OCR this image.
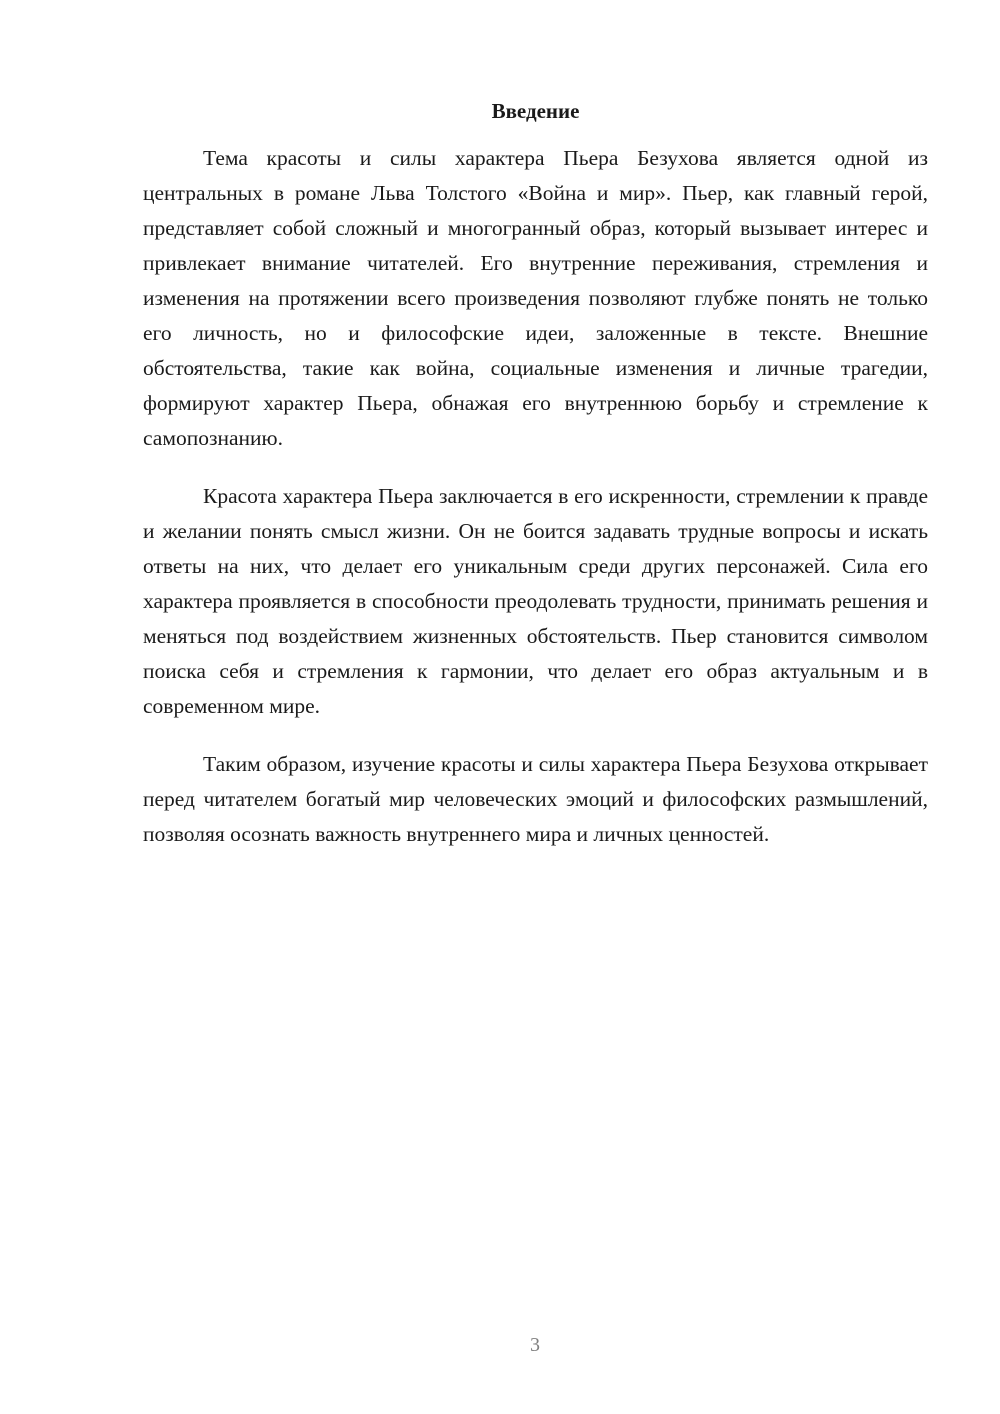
Введение

Тема красоты и силы характера Пьера Безухова является одной из центральных в романе Льва Толстого «Война и мир». Пьер, как главный герой, представляет собой сложный и многогранный образ, который вызывает интерес и привлекает внимание читателей. Его внутренние переживания, стремления и изменения на протяжении всего произведения позволяют глубже понять не только его личность, но и философские идеи, заложенные в тексте. Внешние обстоятельства, такие как война, социальные изменения и личные трагедии, формируют характер Пьера, обнажая его внутреннюю борьбу и стремление к самопознанию.

Красота характера Пьера заключается в его искренности, стремлении к правде и желании понять смысл жизни. Он не боится задавать трудные вопросы и искать ответы на них, что делает его уникальным среди других персонажей. Сила его характера проявляется в способности преодолевать трудности, принимать решения и меняться под воздействием жизненных обстоятельств. Пьер становится символом поиска себя и стремления к гармонии, что делает его образ актуальным и в современном мире.

Таким образом, изучение красоты и силы характера Пьера Безухова открывает перед читателем богатый мир человеческих эмоций и философских размышлений, позволяя осознать важность внутреннего мира и личных ценностей.

3
